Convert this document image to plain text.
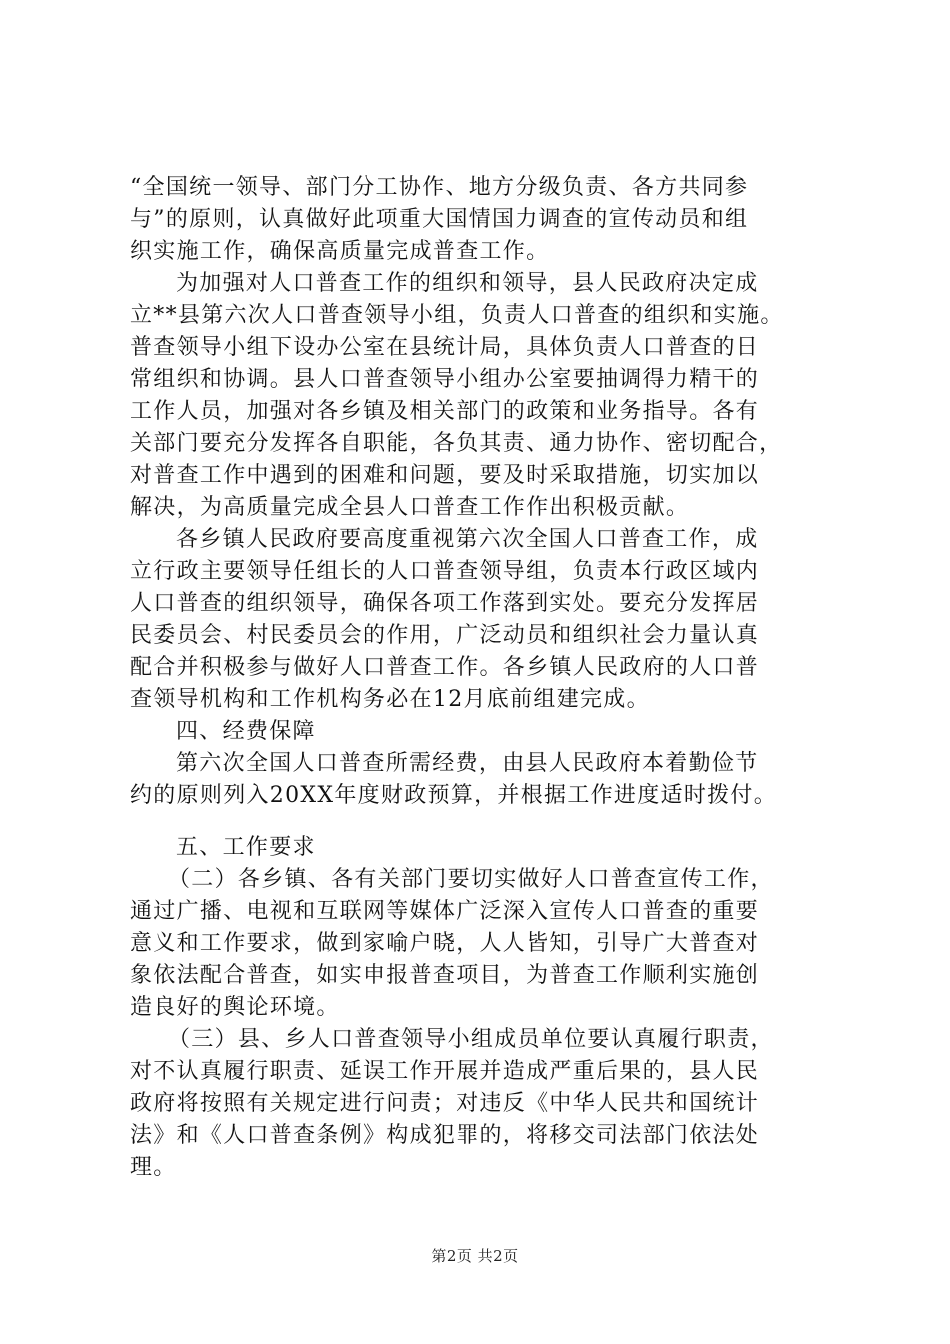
“全国统一领导、部门分工协作、地方分级负责、各方共同参
与”的原则，认真做好此项重大国情国力调查的宣传动员和组
织实施工作，确保高质量完成普查工作。
为加强对人口普查工作的组织和领导，县人民政府决定成
立**县第六次人口普查领导小组，负责人口普查的组织和实施。
普查领导小组下设办公室在县统计局，具体负责人口普查的日
常组织和协调。县人口普查领导小组办公室要抽调得力精干的
工作人员，加强对各乡镇及相关部门的政策和业务指导。各有
关部门要充分发挥各自职能，各负其责、通力协作、密切配合，
对普查工作中遇到的困难和问题，要及时采取措施，切实加以
解决，为高质量完成全县人口普查工作作出积极贡献。
各乡镇人民政府要高度重视第六次全国人口普查工作，成
立行政主要领导任组长的人口普查领导组，负责本行政区域内
人口普查的组织领导，确保各项工作落到实处。要充分发挥居
民委员会、村民委员会的作用，广泛动员和组织社会力量认真
配合并积极参与做好人口普查工作。各乡镇人民政府的人口普
查领导机构和工作机构务必在12月底前组建完成。
四、经费保障
第六次全国人口普查所需经费，由县人民政府本着勤俭节
约的原则列入20XX年度财政预算，并根据工作进度适时拨付。
五、工作要求
（二）各乡镇、各有关部门要切实做好人口普查宣传工作，
通过广播、电视和互联网等媒体广泛深入宣传人口普查的重要
意义和工作要求，做到家喻户晓，人人皆知，引导广大普查对
象依法配合普查，如实申报普查项目，为普查工作顺利实施创
造良好的舆论环境。
（三）县、乡人口普查领导小组成员单位要认真履行职责，
对不认真履行职责、延误工作开展并造成严重后果的，县人民
政府将按照有关规定进行问责；对违反《中华人民共和国统计
法》和《人口普查条例》构成犯罪的，将移交司法部门依法处
理。
第2页 共2页
